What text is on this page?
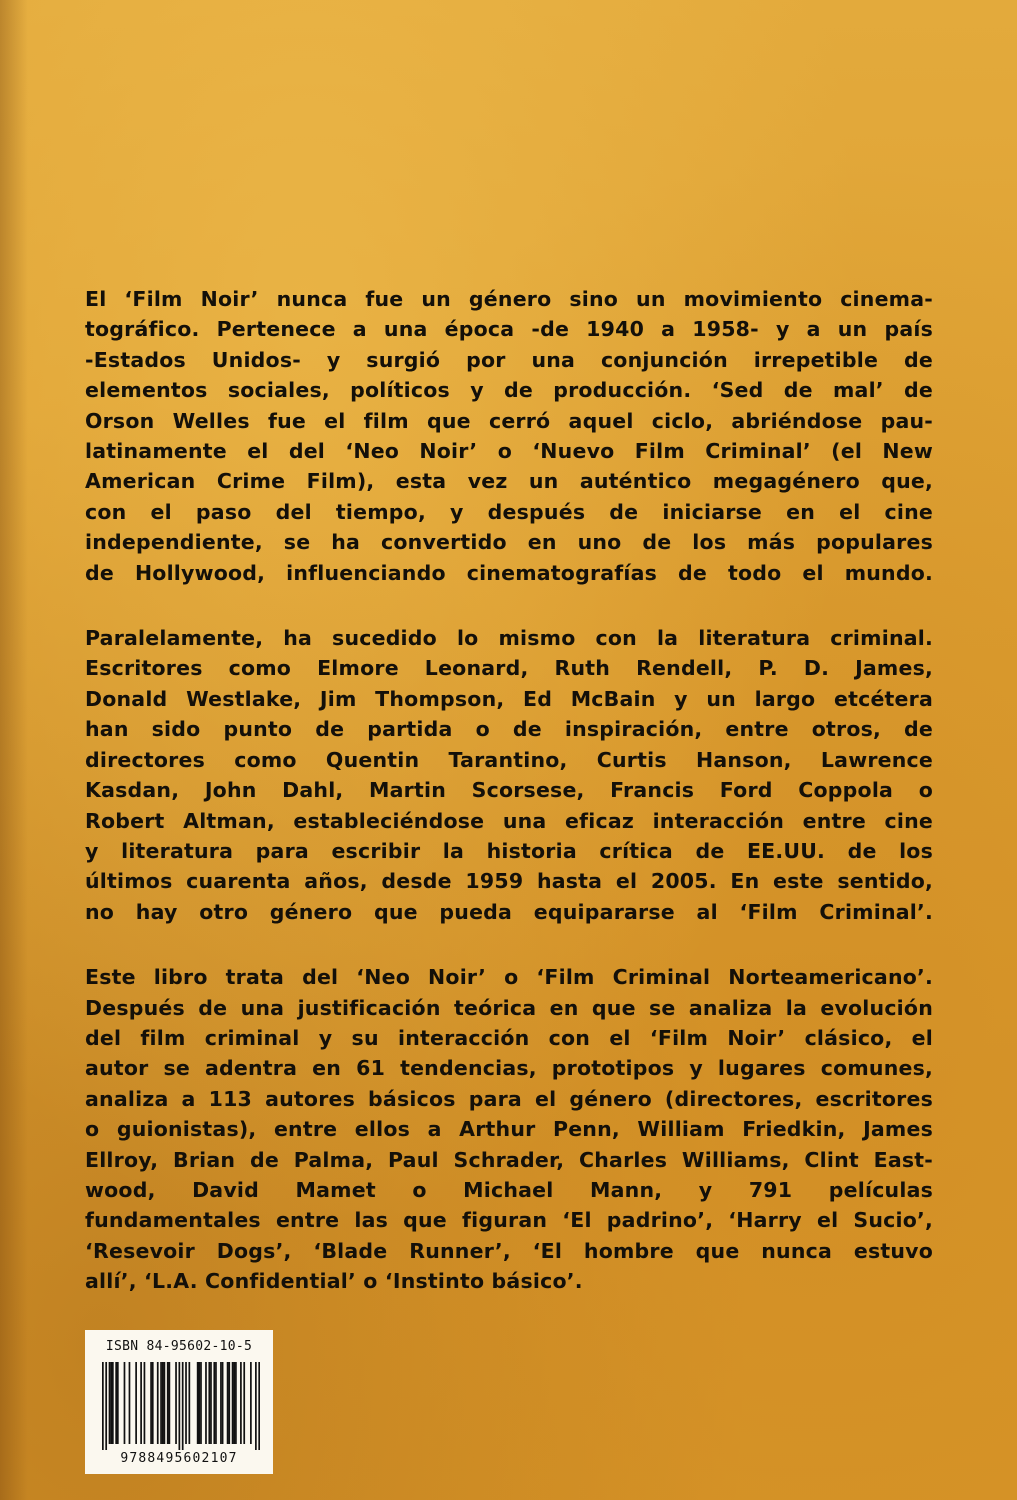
El ‘Film Noir’ nunca fue un género sino un movimiento cinema-
tográfico. Pertenece a una época -de 1940 a 1958- y a un país
-Estados Unidos- y surgió por una conjunción irrepetible de
elementos sociales, políticos y de producción. ‘Sed de mal’ de
Orson Welles fue el film que cerró aquel ciclo, abriéndose pau-
latinamente el del ‘Neo Noir’ o ‘Nuevo Film Criminal’ (el New
American Crime Film), esta vez un auténtico megagénero que,
con el paso del tiempo, y después de iniciarse en el cine
independiente, se ha convertido en uno de los más populares
de Hollywood, influenciando cinematografías de todo el mundo.

Paralelamente, ha sucedido lo mismo con la literatura criminal.
Escritores como Elmore Leonard, Ruth Rendell, P. D. James,
Donald Westlake, Jim Thompson, Ed McBain y un largo etcétera
han sido punto de partida o de inspiración, entre otros, de
directores como Quentin Tarantino, Curtis Hanson, Lawrence
Kasdan, John Dahl, Martin Scorsese, Francis Ford Coppola o
Robert Altman, estableciéndose una eficaz interacción entre cine
y literatura para escribir la historia crítica de EE.UU. de los
últimos cuarenta años, desde 1959 hasta el 2005. En este sentido,
no hay otro género que pueda equipararse al ‘Film Criminal’.

Este libro trata del ‘Neo Noir’ o ‘Film Criminal Norteamericano’.
Después de una justificación teórica en que se analiza la evolución
del film criminal y su interacción con el ‘Film Noir’ clásico, el
autor se adentra en 61 tendencias, prototipos y lugares comunes,
analiza a 113 autores básicos para el género (directores, escritores
o guionistas), entre ellos a Arthur Penn, William Friedkin, James
Ellroy, Brian de Palma, Paul Schrader, Charles Williams, Clint East-
wood, David Mamet o Michael Mann, y 791 películas
fundamentales entre las que figuran ‘El padrino’, ‘Harry el Sucio’,
‘Resevoir Dogs’, ‘Blade Runner’, ‘El hombre que nunca estuvo
allí’, ‘L.A. Confidential’ o ‘Instinto básico’.

ISBN 84-95602-10-5
9788495602107
